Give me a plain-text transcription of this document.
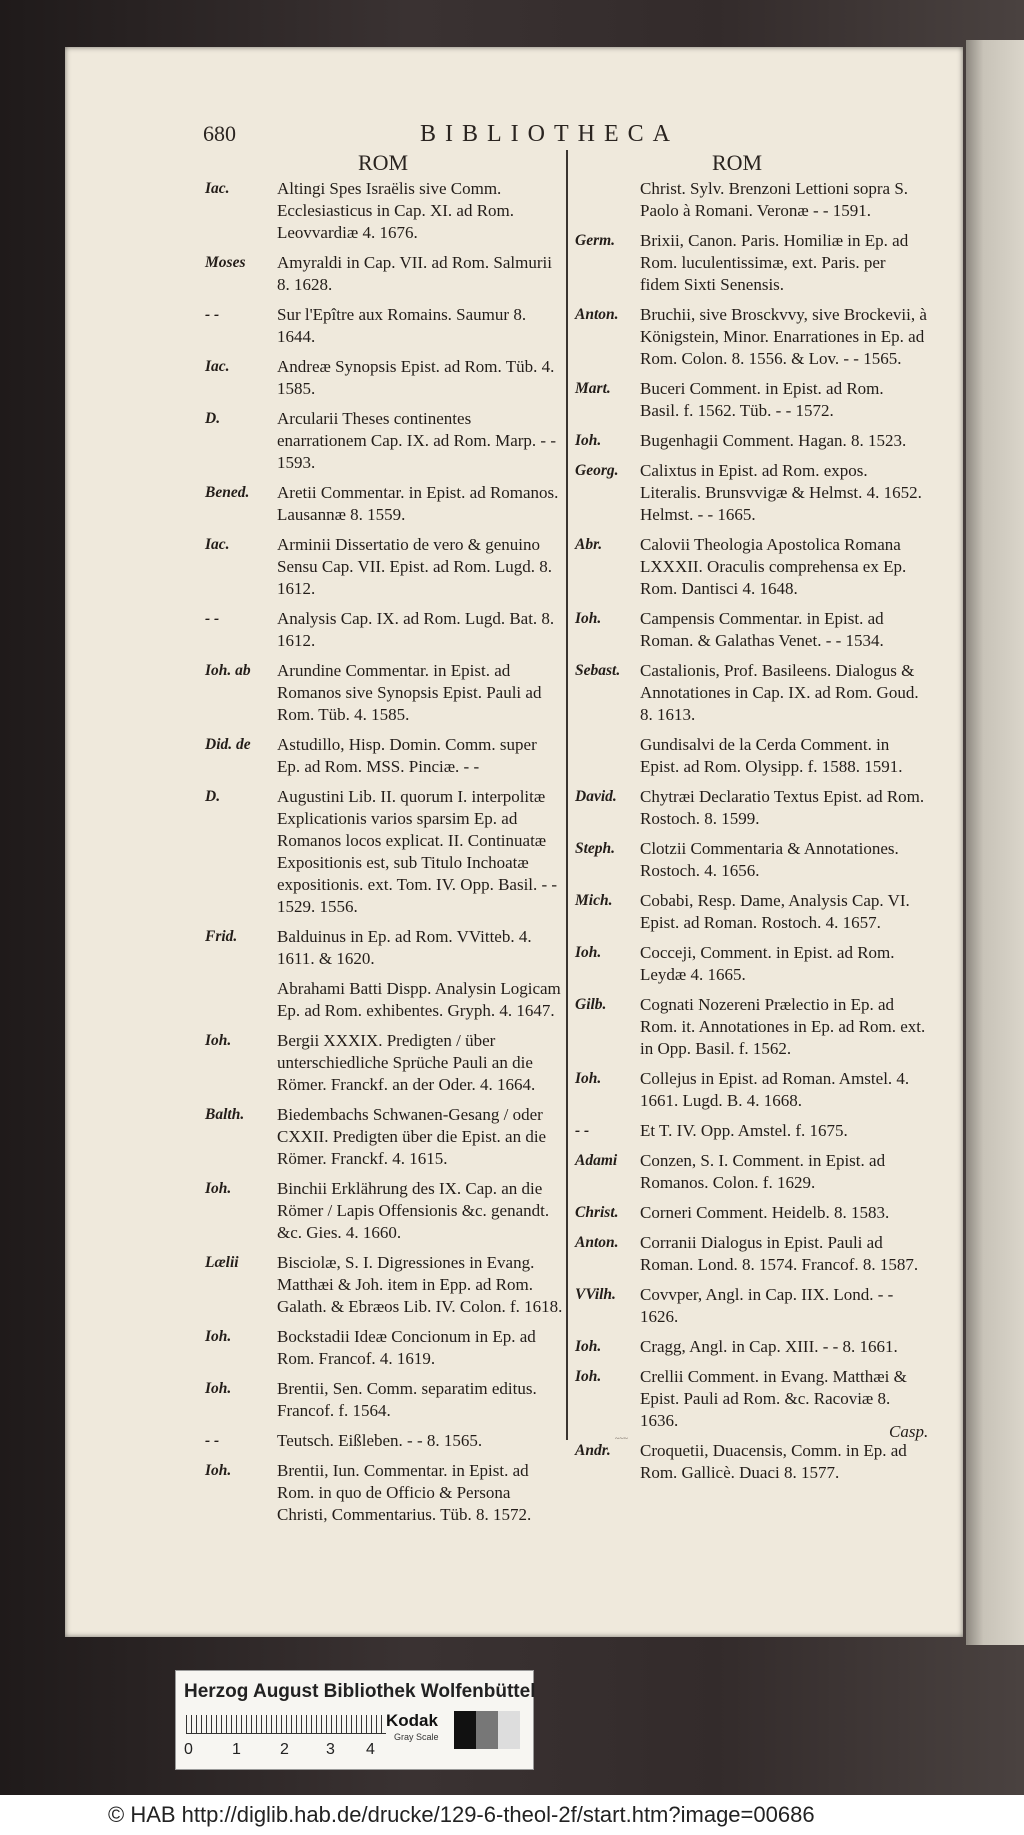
680	BIBLIOTHECA
ROM	ROM
Iac.	Altingi Spes Israëlis sive Comm. Ecclesiasticus in Cap. XI. ad Rom. Leovvardiæ 4. 1676.
Moses	Amyraldi in Cap. VII. ad Rom. Salmurii 8. 1628.
- -	Sur l'Epître aux Romains. Saumur 8. 1644.
Iac.	Andreæ Synopsis Epist. ad Rom. Tüb. 4. 1585.
D.	Arcularii Theses continentes enarrationem Cap. IX. ad Rom. Marp. - - 1593.
Bened.	Aretii Commentar. in Epist. ad Romanos. Lausannæ 8. 1559.
Iac.	Arminii Dissertatio de vero & genuino Sensu Cap. VII. Epist. ad Rom. Lugd. 8. 1612.
- -	Analysis Cap. IX. ad Rom. Lugd. Bat. 8. 1612.
Ioh. ab	Arundine Commentar. in Epist. ad Romanos sive Synopsis Epist. Pauli ad Rom. Tüb. 4. 1585.
Did. de	Astudillo, Hisp. Domin. Comm. super Ep. ad Rom. MSS. Pinciæ. - -
D.	Augustini Lib. II. quorum I. interpolitæ Explicationis varios sparsim Ep. ad Romanos locos explicat. II. Continuatæ Expositionis est, sub Titulo Inchoatæ expositionis. ext. Tom. IV. Opp. Basil. - - 1529. 1556.
Frid.	Balduinus in Ep. ad Rom. VVitteb. 4. 1611. & 1620.
Abrahami Batti Dispp. Analysin Logicam Ep. ad Rom. exhibentes. Gryph. 4. 1647.
Ioh.	Bergii XXXIX. Predigten / über unterschiedliche Sprüche Pauli an die Römer. Franckf. an der Oder. 4. 1664.
Balth.	Biedembachs Schwanen-Gesang / oder CXXII. Predigten über die Epist. an die Römer. Franckf. 4. 1615.
Ioh.	Binchii Erklährung des IX. Cap. an die Römer / Lapis Offensionis &c. genandt. &c. Gies. 4. 1660.
Lælii	Bisciolæ, S. I. Digressiones in Evang. Matthæi & Joh. item in Epp. ad Rom. Galath. & Ebræos Lib. IV. Colon. f. 1618.
Ioh.	Bockstadii Ideæ Concionum in Ep. ad Rom. Francof. 4. 1619.
Ioh.	Brentii, Sen. Comm. separatim editus. Francof. f. 1564.
- -	Teutsch. Eißleben. - - 8. 1565.
Ioh.	Brentii, Iun. Commentar. in Epist. ad Rom. in quo de Officio & Persona Christi, Commentarius. Tüb. 8. 1572.
Christ. Sylv. Brenzoni Lettioni sopra S. Paolo à Romani. Veronæ - - 1591.
Germ.	Brixii, Canon. Paris. Homiliæ in Ep. ad Rom. luculentissimæ, ext. Paris. per fidem Sixti Senensis.
Anton.	Bruchii, sive Brosckvvy, sive Brockevii, à Königstein, Minor. Enarrationes in Ep. ad Rom. Colon. 8. 1556. & Lov. - - 1565.
Mart.	Buceri Comment. in Epist. ad Rom. Basil. f. 1562. Tüb. - - 1572.
Ioh.	Bugenhagii Comment. Hagan. 8. 1523.
Georg.	Calixtus in Epist. ad Rom. expos. Literalis. Brunsvvigæ & Helmst. 4. 1652. Helmst. - - 1665.
Abr.	Calovii Theologia Apostolica Romana LXXXII. Oraculis comprehensa ex Ep. Rom. Dantisci 4. 1648.
Ioh.	Campensis Commentar. in Epist. ad Roman. & Galathas Venet. - - 1534.
Sebast.	Castalionis, Prof. Basileens. Dialogus & Annotationes in Cap. IX. ad Rom. Goud. 8. 1613.
Gundisalvi de la Cerda Comment. in Epist. ad Rom. Olysipp. f. 1588. 1591.
David.	Chytræi Declaratio Textus Epist. ad Rom. Rostoch. 8. 1599.
Steph.	Clotzii Commentaria & Annotationes. Rostoch. 4. 1656.
Mich.	Cobabi, Resp. Dame, Analysis Cap. VI. Epist. ad Roman. Rostoch. 4. 1657.
Ioh.	Cocceji, Comment. in Epist. ad Rom. Leydæ 4. 1665.
Gilb.	Cognati Nozereni Prælectio in Ep. ad Rom. it. Annotationes in Ep. ad Rom. ext. in Opp. Basil. f. 1562.
Ioh.	Collejus in Epist. ad Roman. Amstel. 4. 1661. Lugd. B. 4. 1668.
- -	Et T. IV. Opp. Amstel. f. 1675.
Adami	Conzen, S. I. Comment. in Epist. ad Romanos. Colon. f. 1629.
Christ.	Corneri Comment. Heidelb. 8. 1583.
Anton.	Corranii Dialogus in Epist. Pauli ad Roman. Lond. 8. 1574. Francof. 8. 1587.
VVilh.	Covvper, Angl. in Cap. IIX. Lond. - - 1626.
Ioh.	Cragg, Angl. in Cap. XIII. - - 8. 1661.
Ioh.	Crellii Comment. in Evang. Matthæi & Epist. Pauli ad Rom. &c. Racoviæ 8. 1636.
Andr.	Croquetii, Duacensis, Comm. in Ep. ad Rom. Gallicè. Duaci 8. 1577.
~~~	Casp.
Herzog August Bibliothek Wolfenbüttel
0 1 2 3 4
Kodak
Gray Scale
© HAB http://diglib.hab.de/drucke/129-6-theol-2f/start.htm?image=00686
